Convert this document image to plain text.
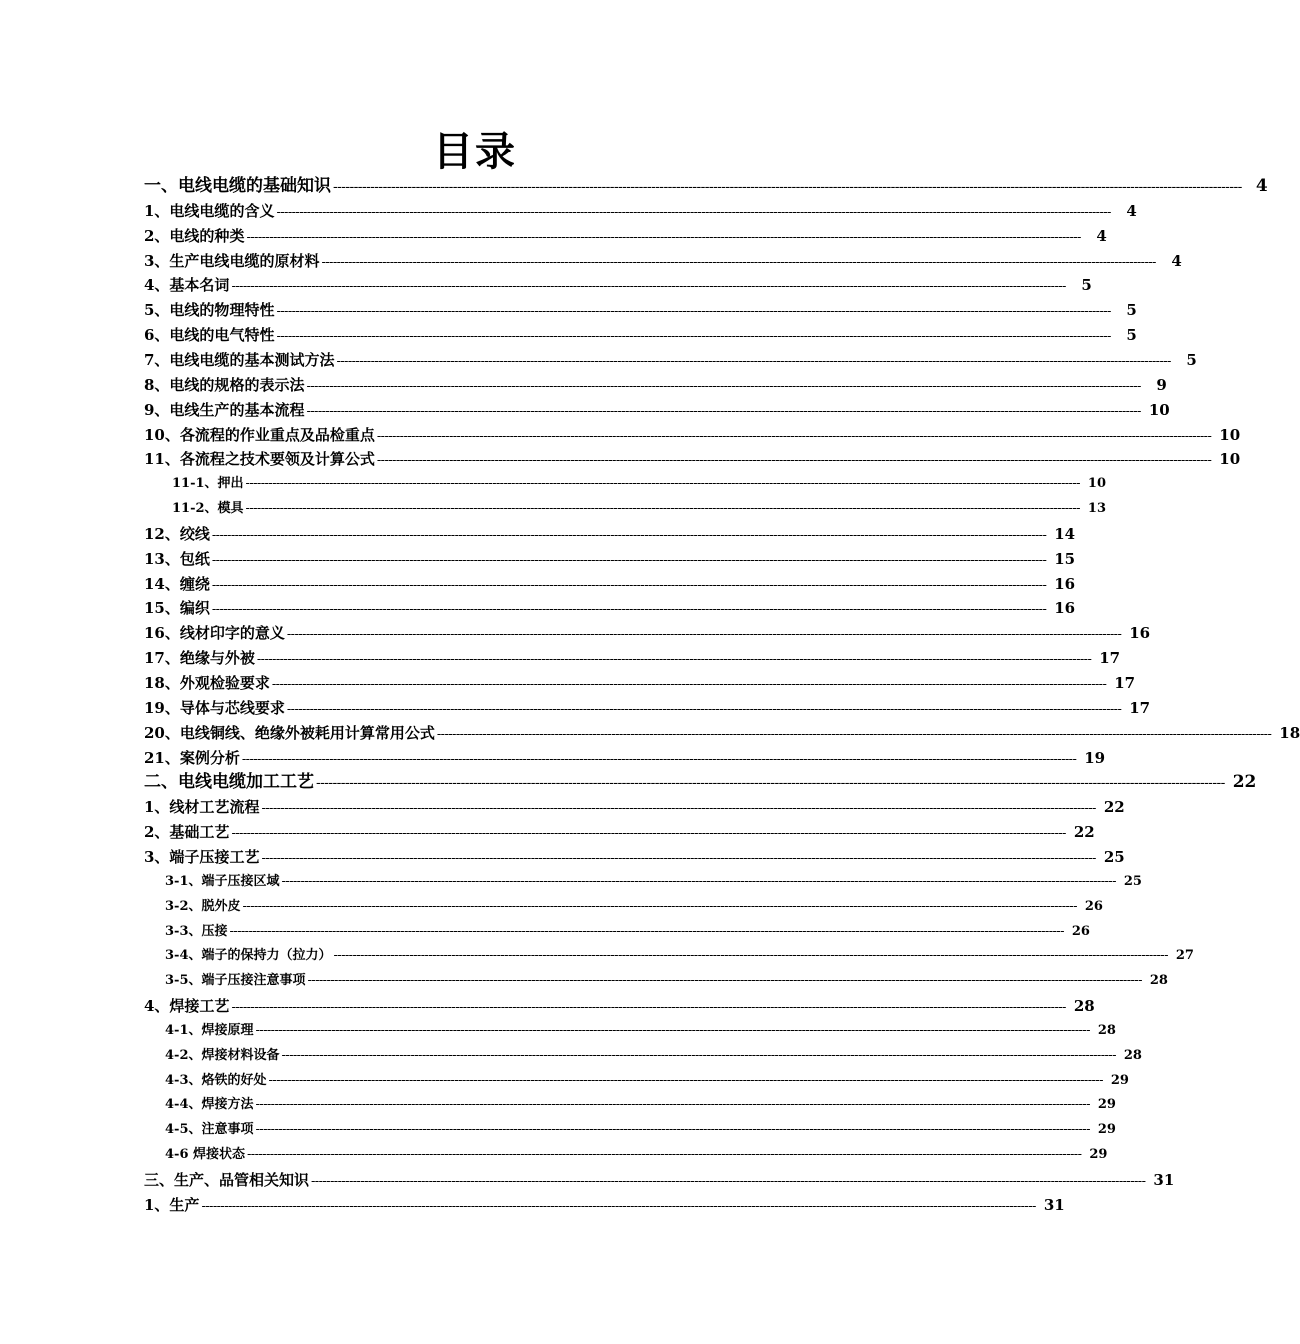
目录
一、电线电缆的基础知识 ---------------------------------------------------------------------------------------------------------------------------------------------------------------------------------------------------------------------------- 4
1、电线电缆的含义 ----------------------------------------------------------------------------------------------------------------------------------------------------------------------------------------------------------------------------	4
2、电线的种类 ----------------------------------------------------------------------------------------------------------------------------------------------------------------------------------------------------------------------------	4
3、生产电线电缆的原材料 ----------------------------------------------------------------------------------------------------------------------------------------------------------------------------------------------------------------------------	4
4、基本名词 ----------------------------------------------------------------------------------------------------------------------------------------------------------------------------------------------------------------------------	5
5、电线的物理特性 ----------------------------------------------------------------------------------------------------------------------------------------------------------------------------------------------------------------------------	5
6、电线的电气特性 ----------------------------------------------------------------------------------------------------------------------------------------------------------------------------------------------------------------------------	5
7、电线电缆的基本测试方法 ----------------------------------------------------------------------------------------------------------------------------------------------------------------------------------------------------------------------------	5
8、电线的规格的表示法 ----------------------------------------------------------------------------------------------------------------------------------------------------------------------------------------------------------------------------	9
9、电线生产的基本流程 ---------------------------------------------------------------------------------------------------------------------------------------------------------------------------------------------------------------------------- 10
10、各流程的作业重点及品检重点 ---------------------------------------------------------------------------------------------------------------------------------------------------------------------------------------------------------------------------- 10
11、各流程之技术要领及计算公式 ---------------------------------------------------------------------------------------------------------------------------------------------------------------------------------------------------------------------------- 10
11-1、押出 ---------------------------------------------------------------------------------------------------------------------------------------------------------------------------------------------------------------------------- 10
11-2、模具 ---------------------------------------------------------------------------------------------------------------------------------------------------------------------------------------------------------------------------- 13
12、绞线 ---------------------------------------------------------------------------------------------------------------------------------------------------------------------------------------------------------------------------- 14
13、包纸 ---------------------------------------------------------------------------------------------------------------------------------------------------------------------------------------------------------------------------- 15
14、缠绕 ---------------------------------------------------------------------------------------------------------------------------------------------------------------------------------------------------------------------------- 16
15、编织 ---------------------------------------------------------------------------------------------------------------------------------------------------------------------------------------------------------------------------- 16
16、线材印字的意义 ---------------------------------------------------------------------------------------------------------------------------------------------------------------------------------------------------------------------------- 16
17、绝缘与外被 ---------------------------------------------------------------------------------------------------------------------------------------------------------------------------------------------------------------------------- 17
18、外观检验要求 ---------------------------------------------------------------------------------------------------------------------------------------------------------------------------------------------------------------------------- 17
19、导体与芯线要求 ---------------------------------------------------------------------------------------------------------------------------------------------------------------------------------------------------------------------------- 17
20、电线铜线、绝缘外被耗用计算常用公式 ---------------------------------------------------------------------------------------------------------------------------------------------------------------------------------------------------------------------------- 18
21、案例分析 ---------------------------------------------------------------------------------------------------------------------------------------------------------------------------------------------------------------------------- 19
二、电线电缆加工工艺 ---------------------------------------------------------------------------------------------------------------------------------------------------------------------------------------------------------------------------- 22
1、线材工艺流程 ---------------------------------------------------------------------------------------------------------------------------------------------------------------------------------------------------------------------------- 22
2、基础工艺 ---------------------------------------------------------------------------------------------------------------------------------------------------------------------------------------------------------------------------- 22
3、端子压接工艺 ---------------------------------------------------------------------------------------------------------------------------------------------------------------------------------------------------------------------------- 25
3-1、端子压接区域 ---------------------------------------------------------------------------------------------------------------------------------------------------------------------------------------------------------------------------- 25
3-2、脱外皮 ---------------------------------------------------------------------------------------------------------------------------------------------------------------------------------------------------------------------------- 26
3-3、压接 ---------------------------------------------------------------------------------------------------------------------------------------------------------------------------------------------------------------------------- 26
3-4、端子的保持力（拉力） ---------------------------------------------------------------------------------------------------------------------------------------------------------------------------------------------------------------------------- 27
3-5、端子压接注意事项 ---------------------------------------------------------------------------------------------------------------------------------------------------------------------------------------------------------------------------- 28
4、焊接工艺 ---------------------------------------------------------------------------------------------------------------------------------------------------------------------------------------------------------------------------- 28
4-1、焊接原理 ---------------------------------------------------------------------------------------------------------------------------------------------------------------------------------------------------------------------------- 28
4-2、焊接材料设备 ---------------------------------------------------------------------------------------------------------------------------------------------------------------------------------------------------------------------------- 28
4-3、烙铁的好处 ---------------------------------------------------------------------------------------------------------------------------------------------------------------------------------------------------------------------------- 29
4-4、焊接方法 ---------------------------------------------------------------------------------------------------------------------------------------------------------------------------------------------------------------------------- 29
4-5、注意事项 ---------------------------------------------------------------------------------------------------------------------------------------------------------------------------------------------------------------------------- 29
4-6 焊接状态 ---------------------------------------------------------------------------------------------------------------------------------------------------------------------------------------------------------------------------- 29
三、生产、品管相关知识 ---------------------------------------------------------------------------------------------------------------------------------------------------------------------------------------------------------------------------- 31
1、生产 ---------------------------------------------------------------------------------------------------------------------------------------------------------------------------------------------------------------------------- 31
